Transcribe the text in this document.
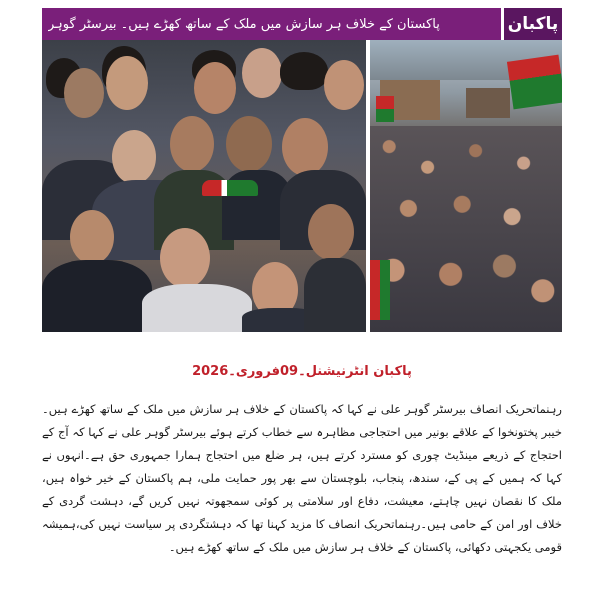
پاکبان
پاکستان کے خلاف ہر سازش میں ملک کے ساتھ کھڑے ہیں۔ بیرسٹر گوہر
پاکبان انٹرنیشنل۔09فروری۔2026
رہنماتحریک انصاف بیرسٹر گوہر علی نے کہا کہ پاکستان کے خلاف ہر سازش میں ملک کے ساتھ کھڑے ہیں۔خیبر پختونخوا کے علاقے بونیر میں احتجاجی مظاہرہ سے خطاب کرتے ہوئے بیرسٹر گوہر علی نے کہا کہ آج کے احتجاج کے ذریعے مینڈیٹ چوری کو مسترد کرتے ہیں، ہر ضلع میں احتجاج ہمارا جمہوری حق ہے۔انہوں نے کہا کہ ہمیں کے پی کے، سندھ، پنجاب، بلوچستان سے بھر پور حمایت ملی، ہم پاکستان کے خیر خواہ ہیں، ملک کا نقصان نہیں چاہتے، معیشت، دفاع اور سلامتی پر کوئی سمجھوتہ نہیں کریں گے، دہشت گردی کے خلاف اور امن کے حامی ہیں۔رہنماتحریک انصاف کا مزید کہنا تھا کہ دہشتگردی پر سیاست نہیں کی،ہمیشہ قومی یکجہتی دکھائی، پاکستان کے خلاف ہر سازش میں ملک کے ساتھ کھڑے ہیں۔
